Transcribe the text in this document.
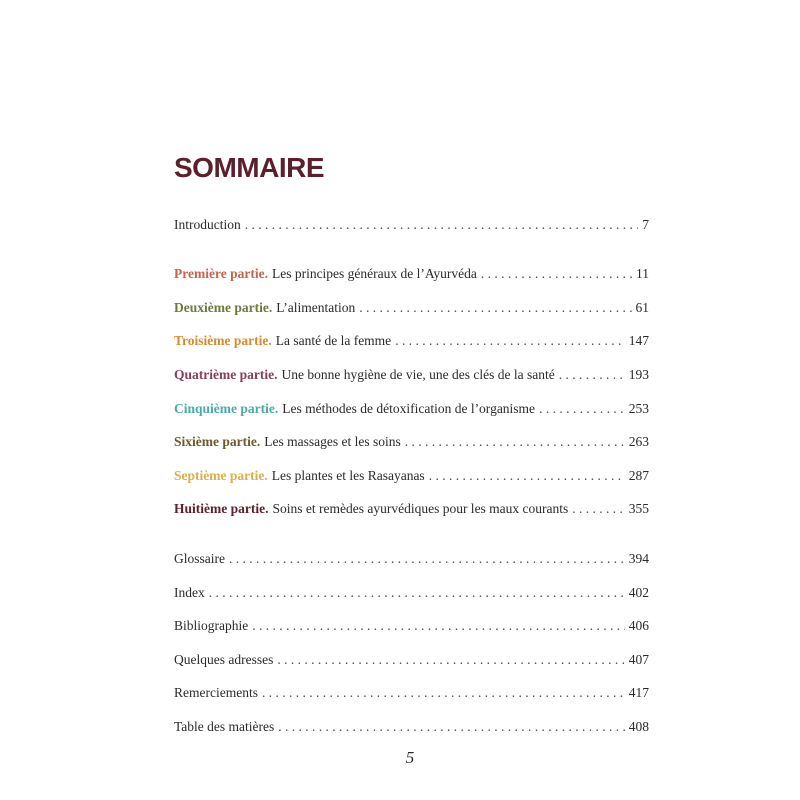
SOMMAIRE
Introduction . . .	7
Première partie. Les principes généraux de l’Ayurvéda . . .	11
Deuxième partie. L’alimentation . . .	61
Troisième partie. La santé de la femme . . .	147
Quatrième partie. Une bonne hygiène de vie, une des clés de la santé . . .	193
Cinquième partie. Les méthodes de détoxification de l’organisme . . .	253
Sixième partie. Les massages et les soins . . .	263
Septième partie. Les plantes et les Rasayanas . . .	287
Huitième partie. Soins et remèdes ayurvédiques pour les maux courants . . .	355
Glossaire . . .	394
Index . . .	402
Bibliographie . . .	406
Quelques adresses . . .	407
Remerciements . . .	417
Table des matières . . .	408
5
